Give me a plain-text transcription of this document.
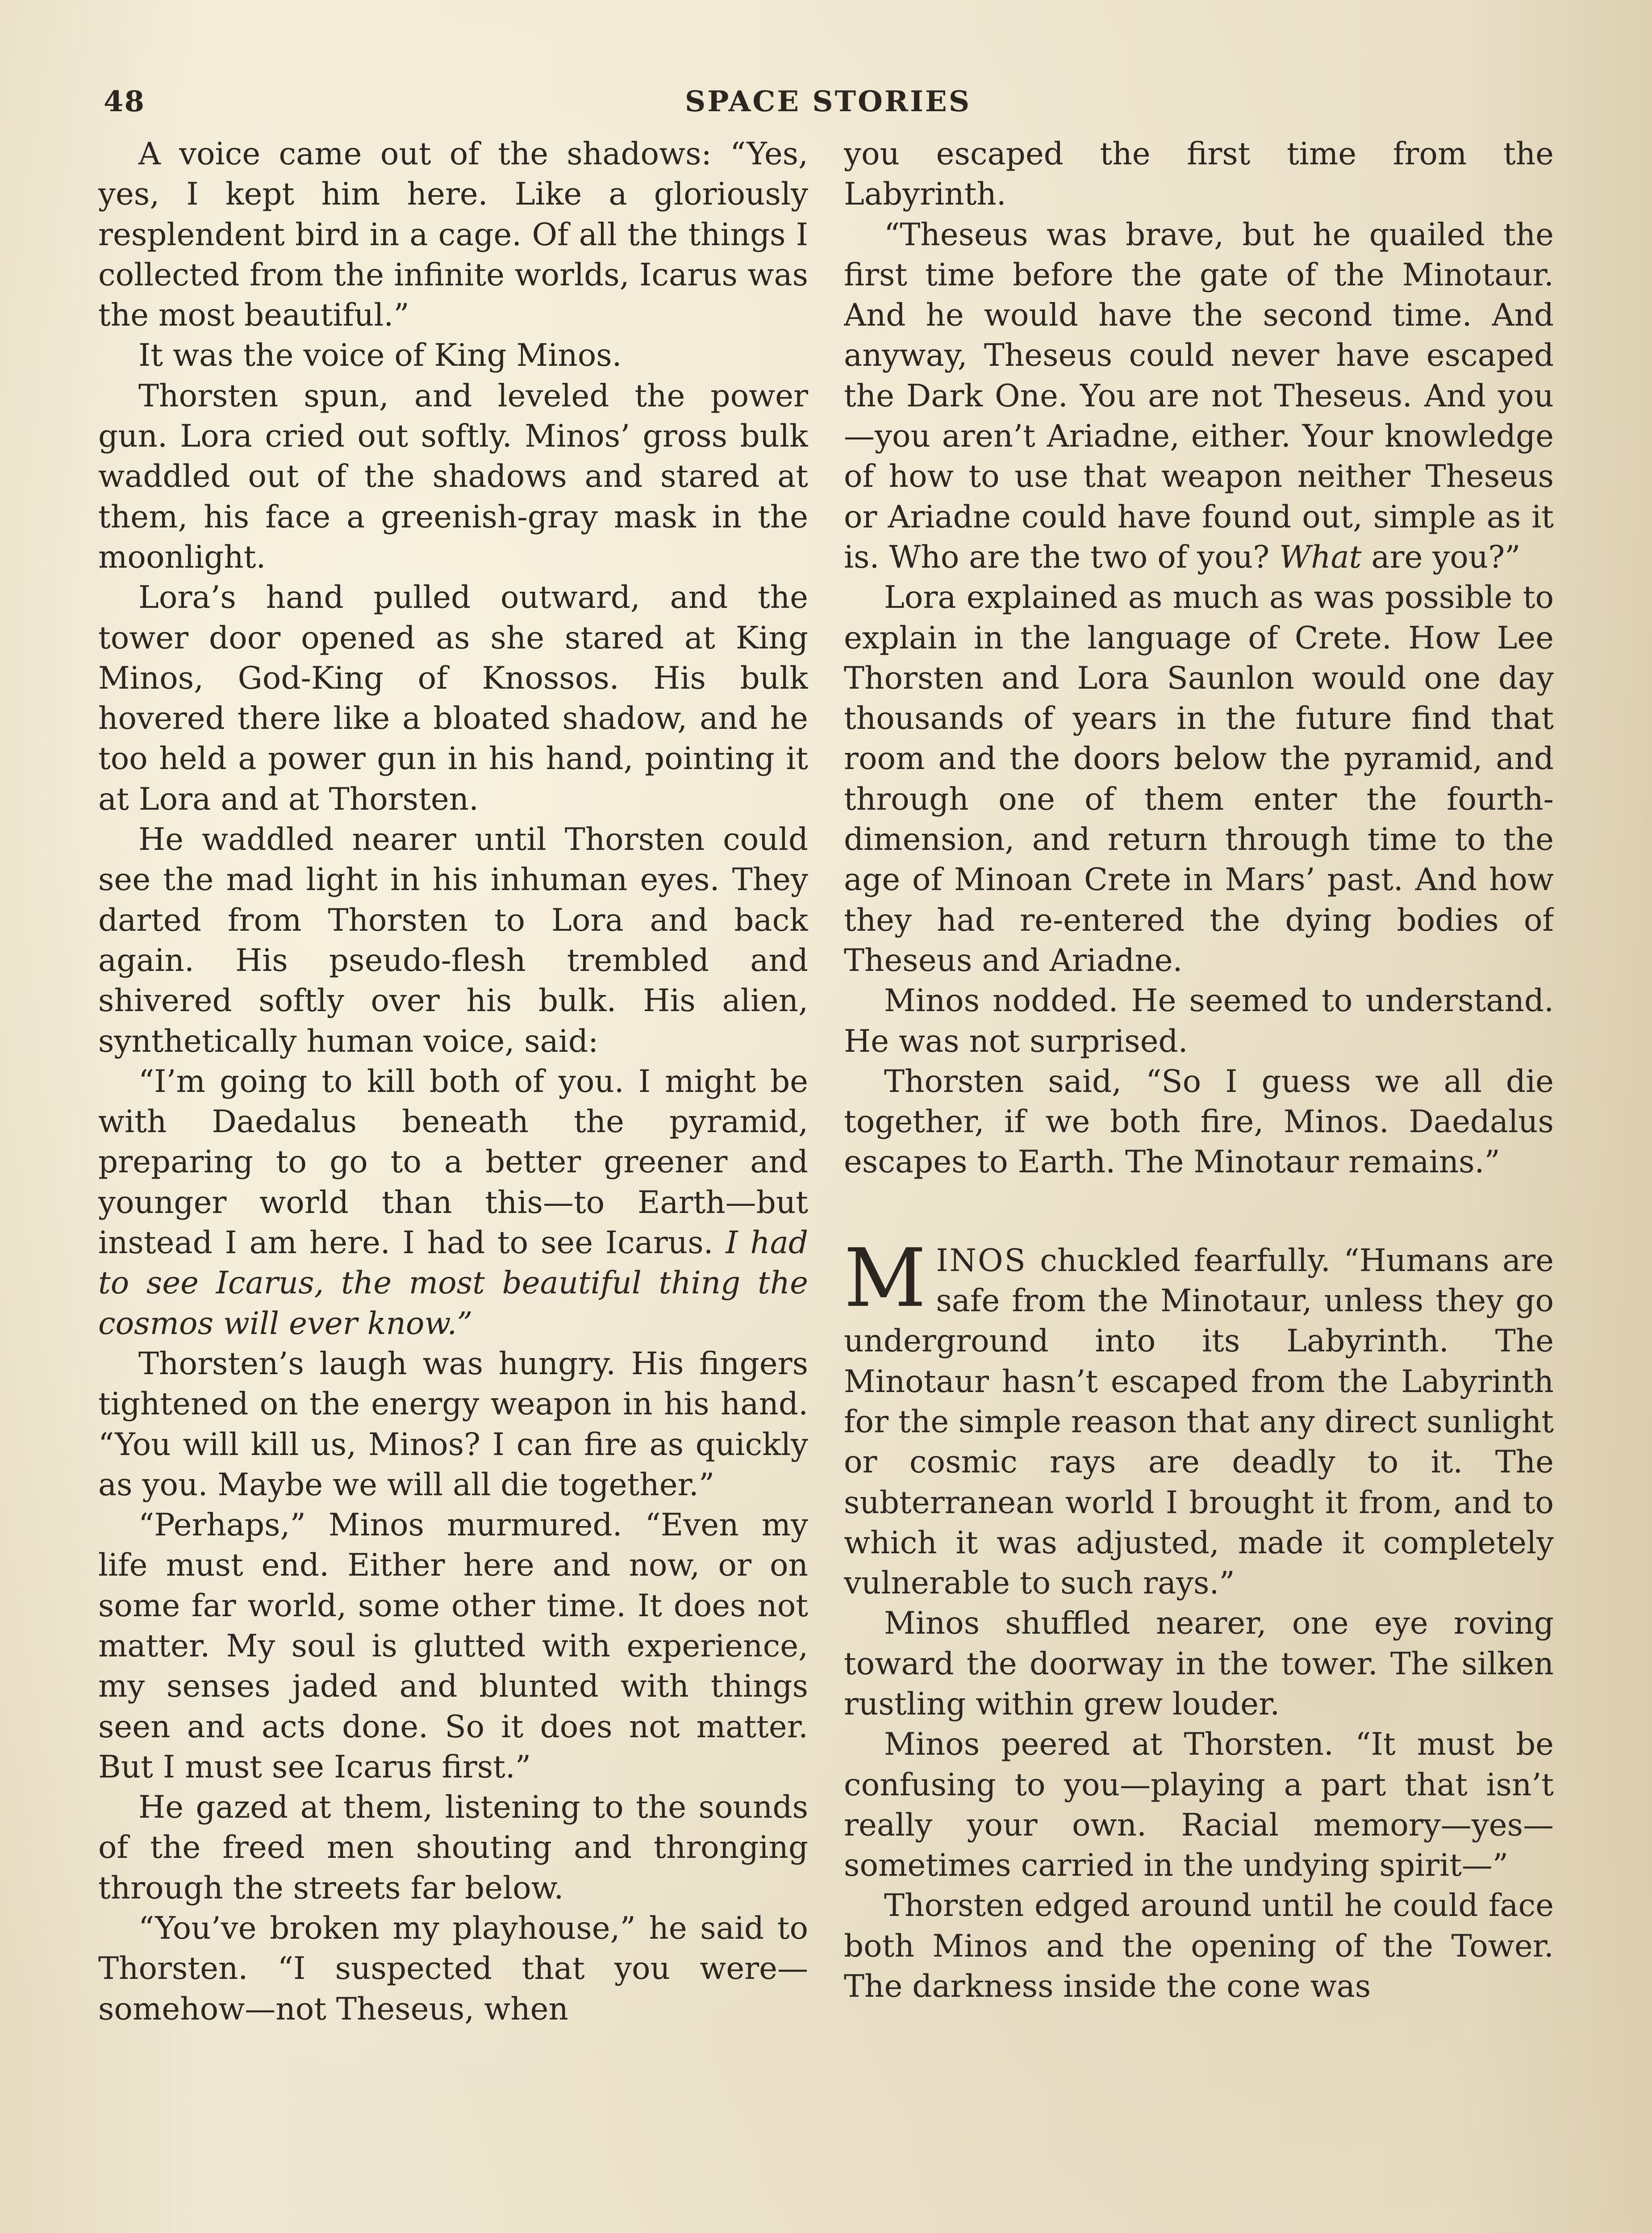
48	SPACE STORIES

A voice came out of the shadows: “Yes, yes, I kept him here. Like a gloriously resplendent bird in a cage. Of all the things I collected from the infinite worlds, Icarus was the most beautiful.”

It was the voice of King Minos.

Thorsten spun, and leveled the power gun. Lora cried out softly. Minos’ gross bulk waddled out of the shadows and stared at them, his face a greenish-gray mask in the moonlight.

Lora’s hand pulled outward, and the tower door opened as she stared at King Minos, God-King of Knossos. His bulk hovered there like a bloated shadow, and he too held a power gun in his hand, pointing it at Lora and at Thorsten.

He waddled nearer until Thorsten could see the mad light in his inhuman eyes. They darted from Thorsten to Lora and back again. His pseudo-flesh trembled and shivered softly over his bulk. His alien, synthetically human voice, said:

“I’m going to kill both of you. I might be with Daedalus beneath the pyramid, preparing to go to a better greener and younger world than this—to Earth—but instead I am here. I had to see Icarus. I had to see Icarus, the most beautiful thing the cosmos will ever know.”

Thorsten’s laugh was hungry. His fingers tightened on the energy weapon in his hand. “You will kill us, Minos? I can fire as quickly as you. Maybe we will all die together.”

“Perhaps,” Minos murmured. “Even my life must end. Either here and now, or on some far world, some other time. It does not matter. My soul is glutted with experience, my senses jaded and blunted with things seen and acts done. So it does not matter. But I must see Icarus first.”

He gazed at them, listening to the sounds of the freed men shouting and thronging through the streets far below.

“You’ve broken my playhouse,” he said to Thorsten. “I suspected that you were—somehow—not Theseus, when

you escaped the first time from the Labyrinth.

“Theseus was brave, but he quailed the first time before the gate of the Minotaur. And he would have the second time. And anyway, Theseus could never have escaped the Dark One. You are not Theseus. And you—you aren’t Ariadne, either. Your knowledge of how to use that weapon neither Theseus or Ariadne could have found out, simple as it is. Who are the two of you? What are you?”

Lora explained as much as was possible to explain in the language of Crete. How Lee Thorsten and Lora Saunlon would one day thousands of years in the future find that room and the doors below the pyramid, and through one of them enter the fourth-dimension, and return through time to the age of Minoan Crete in Mars’ past. And how they had re-entered the dying bodies of Theseus and Ariadne.

Minos nodded. He seemed to understand. He was not surprised.

Thorsten said, “So I guess we all die together, if we both fire, Minos. Daedalus escapes to Earth. The Minotaur remains.”

MINOS chuckled fearfully. “Humans are safe from the Minotaur, unless they go underground into its Labyrinth. The Minotaur hasn’t escaped from the Labyrinth for the simple reason that any direct sunlight or cosmic rays are deadly to it. The subterranean world I brought it from, and to which it was adjusted, made it completely vulnerable to such rays.”

Minos shuffled nearer, one eye roving toward the doorway in the tower. The silken rustling within grew louder.

Minos peered at Thorsten. “It must be confusing to you—playing a part that isn’t really your own. Racial memory—yes—sometimes carried in the undying spirit—”

Thorsten edged around until he could face both Minos and the opening of the Tower. The darkness inside the cone was
